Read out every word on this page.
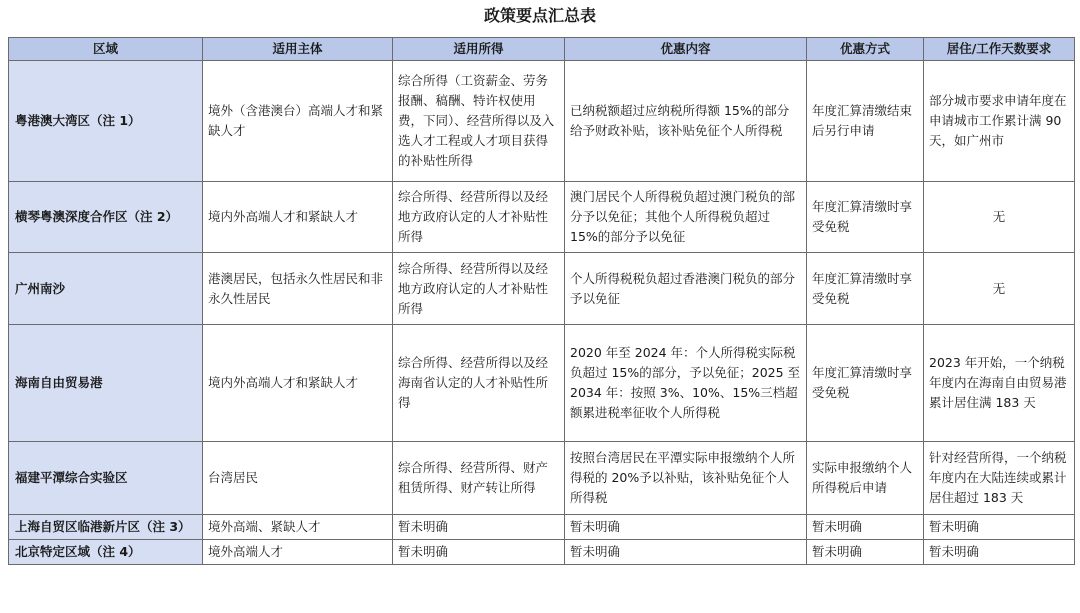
政策要点汇总表
区域	适用主体	适用所得	优惠内容	优惠方式	居住/工作天数要求
粤港澳大湾区（注 1）	境外（含港澳台）高端人才和紧缺人才	综合所得（工资薪金、劳务报酬、稿酬、特许权使用费，下同）、经营所得以及入选人才工程或人才项目获得的补贴性所得	已纳税额超过应纳税所得额 15%的部分给予财政补贴，该补贴免征个人所得税	年度汇算清缴结束后另行申请	部分城市要求申请年度在申请城市工作累计满 90 天，如广州市
横琴粤澳深度合作区（注 2）	境内外高端人才和紧缺人才	综合所得、经营所得以及经地方政府认定的人才补贴性所得	澳门居民个人所得税负超过澳门税负的部分予以免征；其他个人所得税负超过 15%的部分予以免征	年度汇算清缴时享受免税	无
广州南沙	港澳居民，包括永久性居民和非永久性居民	综合所得、经营所得以及经地方政府认定的人才补贴性所得	个人所得税税负超过香港澳门税负的部分予以免征	年度汇算清缴时享受免税	无
海南自由贸易港	境内外高端人才和紧缺人才	综合所得、经营所得以及经海南省认定的人才补贴性所得	2020 年至 2024 年：个人所得税实际税负超过 15%的部分，予以免征；2025 至 2034 年：按照 3%、10%、15%三档超额累进税率征收个人所得税	年度汇算清缴时享受免税	2023 年开始，一个纳税年度内在海南自由贸易港累计居住满 183 天
福建平潭综合实验区	台湾居民	综合所得、经营所得、财产租赁所得、财产转让所得	按照台湾居民在平潭实际申报缴纳个人所得税的 20%予以补贴，该补贴免征个人所得税	实际申报缴纳个人所得税后申请	针对经营所得，一个纳税年度内在大陆连续或累计居住超过 183 天
上海自贸区临港新片区（注 3）	境外高端、紧缺人才	暂未明确	暂未明确	暂未明确	暂未明确
北京特定区域（注 4）	境外高端人才	暂未明确	暂未明确	暂未明确	暂未明确
